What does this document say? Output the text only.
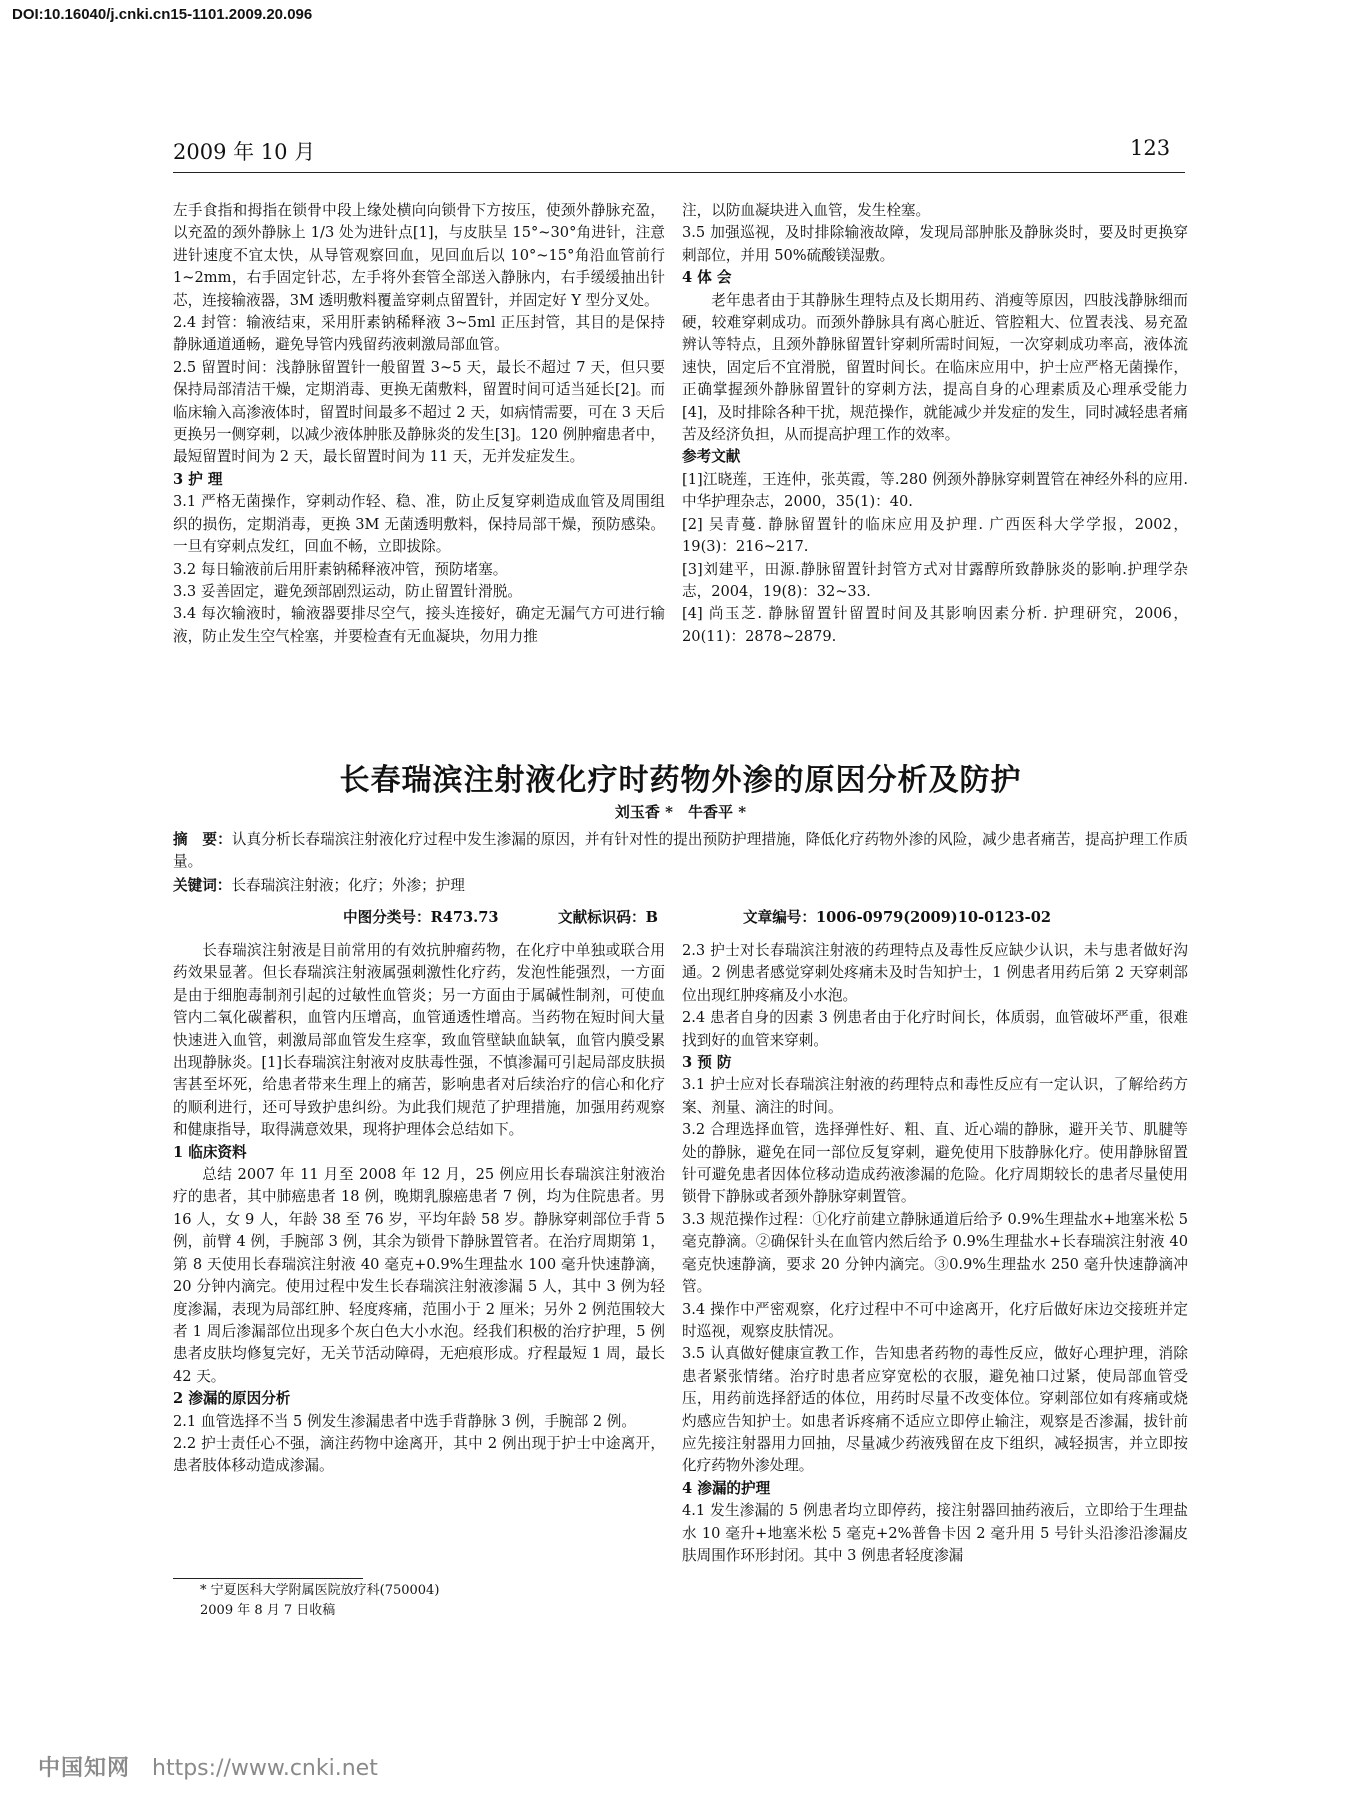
DOI:10.16040/j.cnki.cn15-1101.2009.20.096
2009 年 10 月	123

左手食指和拇指在锁骨中段上缘处横向向锁骨下方按压，使颈外静脉充盈，以充盈的颈外静脉上 1/3 处为进针点[1]，与皮肤呈 15°~30°角进针，注意进针速度不宜太快，从导管观察回血，见回血后以 10°~15°角沿血管前行 1~2mm，右手固定针芯，左手将外套管全部送入静脉内，右手缓缓抽出针芯，连接输液器，3M 透明敷料覆盖穿刺点留置针，并固定好 Y 型分叉处。

2.4 封管：输液结束，采用肝素钠稀释液 3~5ml 正压封管，其目的是保持静脉通道通畅，避免导管内残留药液刺激局部血管。

2.5 留置时间：浅静脉留置针一般留置 3~5 天，最长不超过 7 天，但只要保持局部清洁干燥，定期消毒、更换无菌敷料，留置时间可适当延长[2]。而临床输入高渗液体时，留置时间最多不超过 2 天，如病情需要，可在 3 天后更换另一侧穿刺，以减少液体肿胀及静脉炎的发生[3]。120 例肿瘤患者中，最短留置时间为 2 天，最长留置时间为 11 天，无并发症发生。

3 护 理

3.1 严格无菌操作，穿刺动作轻、稳、准，防止反复穿刺造成血管及周围组织的损伤，定期消毒，更换 3M 无菌透明敷料，保持局部干燥，预防感染。一旦有穿刺点发红，回血不畅，立即拔除。

3.2 每日输液前后用肝素钠稀释液冲管，预防堵塞。

3.3 妥善固定，避免颈部剧烈运动，防止留置针滑脱。

3.4 每次输液时，输液器要排尽空气，接头连接好，确定无漏气方可进行输液，防止发生空气栓塞，并要检查有无血凝块，勿用力推

注，以防血凝块进入血管，发生栓塞。

3.5 加强巡视，及时排除输液故障，发现局部肿胀及静脉炎时，要及时更换穿刺部位，并用 50%硫酸镁湿敷。

4 体 会

老年患者由于其静脉生理特点及长期用药、消瘦等原因，四肢浅静脉细而硬，较难穿刺成功。而颈外静脉具有离心脏近、管腔粗大、位置表浅、易充盈辨认等特点，且颈外静脉留置针穿刺所需时间短，一次穿刺成功率高，液体流速快，固定后不宜滑脱，留置时间长。在临床应用中，护士应严格无菌操作，正确掌握颈外静脉留置针的穿刺方法，提高自身的心理素质及心理承受能力[4]，及时排除各种干扰，规范操作，就能减少并发症的发生，同时减轻患者痛苦及经济负担，从而提高护理工作的效率。

参考文献

[1]江晓莲，王连仲，张英霞，等.280 例颈外静脉穿刺置管在神经外科的应用.中华护理杂志，2000，35(1)：40.

[2] 吴青蔓. 静脉留置针的临床应用及护理. 广西医科大学学报，2002，19(3)：216~217.

[3]刘建平，田源.静脉留置针封管方式对甘露醇所致静脉炎的影响.护理学杂志，2004，19(8)：32~33.

[4] 尚玉芝. 静脉留置针留置时间及其影响因素分析. 护理研究，2006，20(11)：2878~2879.

长春瑞滨注射液化疗时药物外渗的原因分析及防护
刘玉香 *　牛香平 *
摘　要：认真分析长春瑞滨注射液化疗过程中发生渗漏的原因，并有针对性的提出预防护理措施，降低化疗药物外渗的风险，减少患者痛苦，提高护理工作质量。
关键词：长春瑞滨注射液；化疗；外渗；护理
中图分类号：R473.73	文献标识码：B	文章编号：1006-0979(2009)10-0123-02

长春瑞滨注射液是目前常用的有效抗肿瘤药物，在化疗中单独或联合用药效果显著。但长春瑞滨注射液属强刺激性化疗药，发泡性能强烈，一方面是由于细胞毒制剂引起的过敏性血管炎；另一方面由于属碱性制剂，可使血管内二氧化碳蓄积，血管内压增高，血管通透性增高。当药物在短时间大量快速进入血管，刺激局部血管发生痉挛，致血管壁缺血缺氧，血管内膜受累出现静脉炎。[1]长春瑞滨注射液对皮肤毒性强，不慎渗漏可引起局部皮肤损害甚至坏死，给患者带来生理上的痛苦，影响患者对后续治疗的信心和化疗的顺利进行，还可导致护患纠纷。为此我们规范了护理措施，加强用药观察和健康指导，取得满意效果，现将护理体会总结如下。

1 临床资料

总结 2007 年 11 月至 2008 年 12 月，25 例应用长春瑞滨注射液治疗的患者，其中肺癌患者 18 例，晚期乳腺癌患者 7 例，均为住院患者。男 16 人，女 9 人，年龄 38 至 76 岁，平均年龄 58 岁。静脉穿刺部位手背 5 例，前臂 4 例，手腕部 3 例，其余为锁骨下静脉置管者。在治疗周期第 1，第 8 天使用长春瑞滨注射液 40 毫克+0.9%生理盐水 100 毫升快速静滴，20 分钟内滴完。使用过程中发生长春瑞滨注射液渗漏 5 人，其中 3 例为轻度渗漏，表现为局部红肿、轻度疼痛，范围小于 2 厘米；另外 2 例范围较大者 1 周后渗漏部位出现多个灰白色大小水泡。经我们积极的治疗护理，5 例患者皮肤均修复完好，无关节活动障碍，无疤痕形成。疗程最短 1 周，最长 42 天。

2 渗漏的原因分析

2.1 血管选择不当 5 例发生渗漏患者中选手背静脉 3 例，手腕部 2 例。

2.2 护士责任心不强，滴注药物中途离开，其中 2 例出现于护士中途离开，患者肢体移动造成渗漏。

2.3 护士对长春瑞滨注射液的药理特点及毒性反应缺少认识，未与患者做好沟通。2 例患者感觉穿刺处疼痛未及时告知护士，1 例患者用药后第 2 天穿刺部位出现红肿疼痛及小水泡。

2.4 患者自身的因素 3 例患者由于化疗时间长，体质弱，血管破坏严重，很难找到好的血管来穿刺。

3 预 防

3.1 护士应对长春瑞滨注射液的药理特点和毒性反应有一定认识，了解给药方案、剂量、滴注的时间。

3.2 合理选择血管，选择弹性好、粗、直、近心端的静脉，避开关节、肌腱等处的静脉，避免在同一部位反复穿刺，避免使用下肢静脉化疗。使用静脉留置针可避免患者因体位移动造成药液渗漏的危险。化疗周期较长的患者尽量使用锁骨下静脉或者颈外静脉穿刺置管。

3.3 规范操作过程：①化疗前建立静脉通道后给予 0.9%生理盐水+地塞米松 5 毫克静滴。②确保针头在血管内然后给予 0.9%生理盐水+长春瑞滨注射液 40 毫克快速静滴，要求 20 分钟内滴完。③0.9%生理盐水 250 毫升快速静滴冲管。

3.4 操作中严密观察，化疗过程中不可中途离开，化疗后做好床边交接班并定时巡视，观察皮肤情况。

3.5 认真做好健康宣教工作，告知患者药物的毒性反应，做好心理护理，消除患者紧张情绪。治疗时患者应穿宽松的衣服，避免袖口过紧，使局部血管受压，用药前选择舒适的体位，用药时尽量不改变体位。穿刺部位如有疼痛或烧灼感应告知护士。如患者诉疼痛不适应立即停止输注，观察是否渗漏，拔针前应先接注射器用力回抽，尽量减少药液残留在皮下组织，减轻损害，并立即按化疗药物外渗处理。

4 渗漏的护理

4.1 发生渗漏的 5 例患者均立即停药，接注射器回抽药液后，立即给于生理盐水 10 毫升+地塞米松 5 毫克+2%普鲁卡因 2 毫升用 5 号针头沿渗沿渗漏皮肤周围作环形封闭。其中 3 例患者轻度渗漏

* 宁夏医科大学附属医院放疗科(750004)
2009 年 8 月 7 日收稿
中国知网 https://www.cnki.net
